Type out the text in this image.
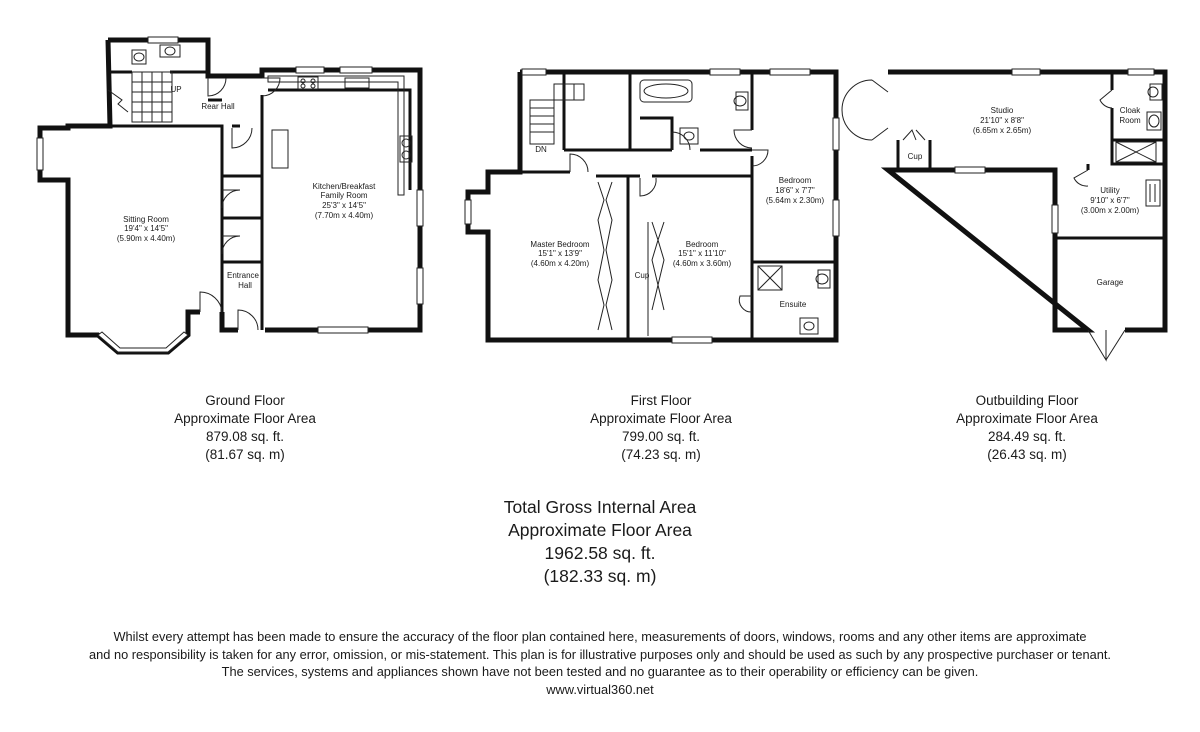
Rear Hall
UP
Sitting Room
19'4" x 14'5"
(5.90m x 4.40m)
Kitchen/Breakfast
Family Room
25'3" x 14'5"
(7.70m x 4.40m)
Entrance
Hall
DN
Master Bedroom
15'1" x 13'9"
(4.60m x 4.20m)
Bedroom
15'1" x 11'10"
(4.60m x 3.60m)
Bedroom
18'6" x 7'7"
(5.64m x 2.30m)
Cup
Ensuite
Studio
21'10" x 8'8"
(6.65m x 2.65m)
Cloak
Room
Cup
Utility
9'10" x 6'7"
(3.00m x 2.00m)
Garage
Ground Floor
Approximate Floor Area
879.08 sq. ft.
(81.67 sq. m)
First Floor
Approximate Floor Area
799.00 sq. ft.
(74.23 sq. m)
Outbuilding Floor
Approximate Floor Area
284.49 sq. ft.
(26.43 sq. m)
Total Gross Internal Area
Approximate Floor Area
1962.58 sq. ft.
(182.33 sq. m)
Whilst every attempt has been made to ensure the accuracy of the floor plan contained here, measurements of doors, windows, rooms and any other items are approximate
and no responsibility is taken for any error, omission, or mis-statement. This plan is for illustrative purposes only and should be used as such by any prospective purchaser or tenant.
The services, systems and appliances shown have not been tested and no guarantee as to their operability or efficiency can be given.
www.virtual360.net
